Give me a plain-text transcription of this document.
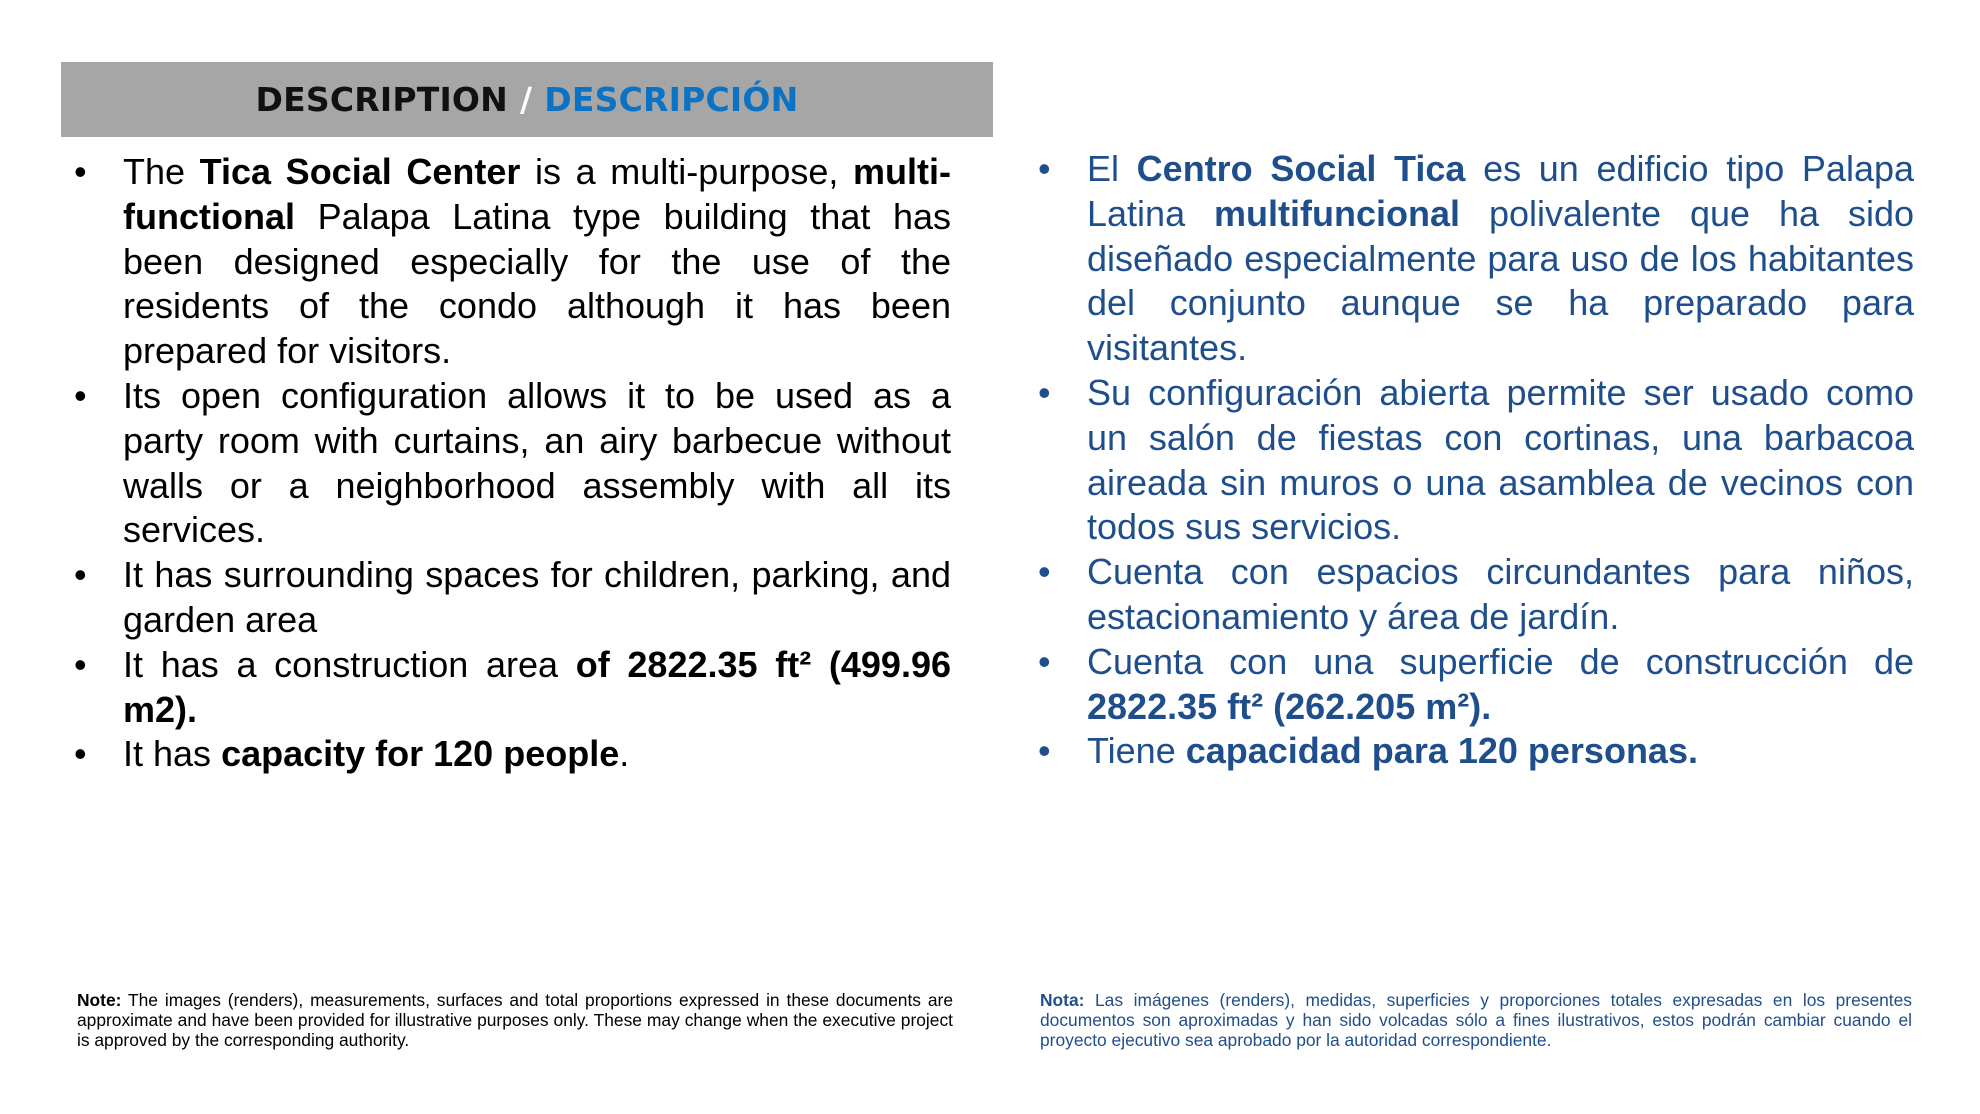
DESCRIPTION / DESCRIPCIÓN
•	The Tica Social Center is a multi-purpose, multi-functional Palapa Latina type building that has been designed especially for the use of the residents of the condo although it has been prepared for visitors.
•	Its open configuration allows it to be used as a party room with curtains, an airy barbecue without walls or a neighborhood assembly with all its services.
•	It has surrounding spaces for children, parking, and garden area
•	It has a construction area of 2822.35 ft² (499.96 m2).
•	It has capacity for 120 people.
•	El Centro Social Tica es un edificio tipo Palapa Latina multifuncional polivalente que ha sido diseñado especialmente para uso de los habitantes del conjunto aunque se ha preparado para visitantes.
•	Su configuración abierta permite ser usado como un salón de fiestas con cortinas, una barbacoa aireada sin muros o una asamblea de vecinos con todos sus servicios.
•	Cuenta con espacios circundantes para niños, estacionamiento y área de jardín.
•	Cuenta con una superficie de construcción de 2822.35 ft² (262.205 m²).
•	Tiene capacidad para 120 personas.

Note: The images (renders), measurements, surfaces and total proportions expressed in these documents are approximate and have been provided for illustrative purposes only. These may change when the executive project is approved by the corresponding authority.

Nota: Las imágenes (renders), medidas, superficies y proporciones totales expresadas en los presentes documentos son aproximadas y han sido volcadas sólo a fines ilustrativos, estos podrán cambiar cuando el proyecto ejecutivo sea aprobado por la autoridad correspondiente.
